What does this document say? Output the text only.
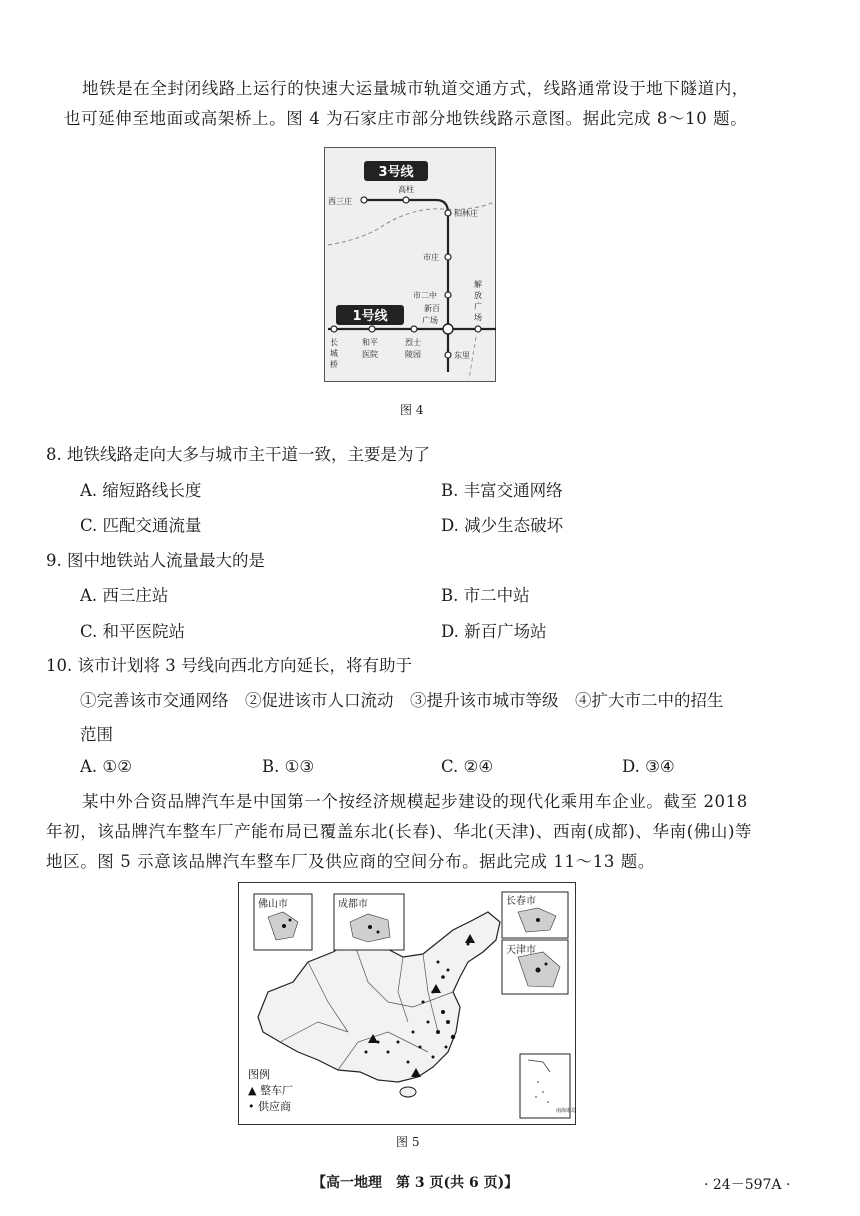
地铁是在全封闭线路上运行的快速大运量城市轨道交通方式，线路通常设于地下隧道内，
也可延伸至地面或高架桥上。图 4 为石家庄市部分地铁线路示意图。据此完成 8～10 题。
3号线
1号线
西三庄
高柱
柏林庄
市庄
市二中
新百
广场
解
放
广
场
长
城
桥
和平
医院
烈士
陵园	东里
图 4
8. 地铁线路走向大多与城市主干道一致，主要是为了
A. 缩短路线长度	B. 丰富交通网络
C. 匹配交通流量	D. 减少生态破坏
9. 图中地铁站人流量最大的是
A. 西三庄站	B. 市二中站
C. 和平医院站	D. 新百广场站
10. 该市计划将 3 号线向西北方向延长，将有助于
①完善该市交通网络　②促进该市人口流动　③提升该市城市等级　④扩大市二中的招生
范围
A. ①②	B. ①③	C. ②④	D. ③④
某中外合资品牌汽车是中国第一个按经济规模起步建设的现代化乘用车企业。截至 2018
年初，该品牌汽车整车厂产能布局已覆盖东北(长春)、华北(天津)、西南(成都)、华南(佛山)等
地区。图 5 示意该品牌汽车整车厂及供应商的空间分布。据此完成 11～13 题。
佛山市	成都市	长春市
天津市
南海诸岛
图例
▲ 整车厂
• 供应商
图 5
【高一地理　第 3 页(共 6 页)】	· 24－597A ·
